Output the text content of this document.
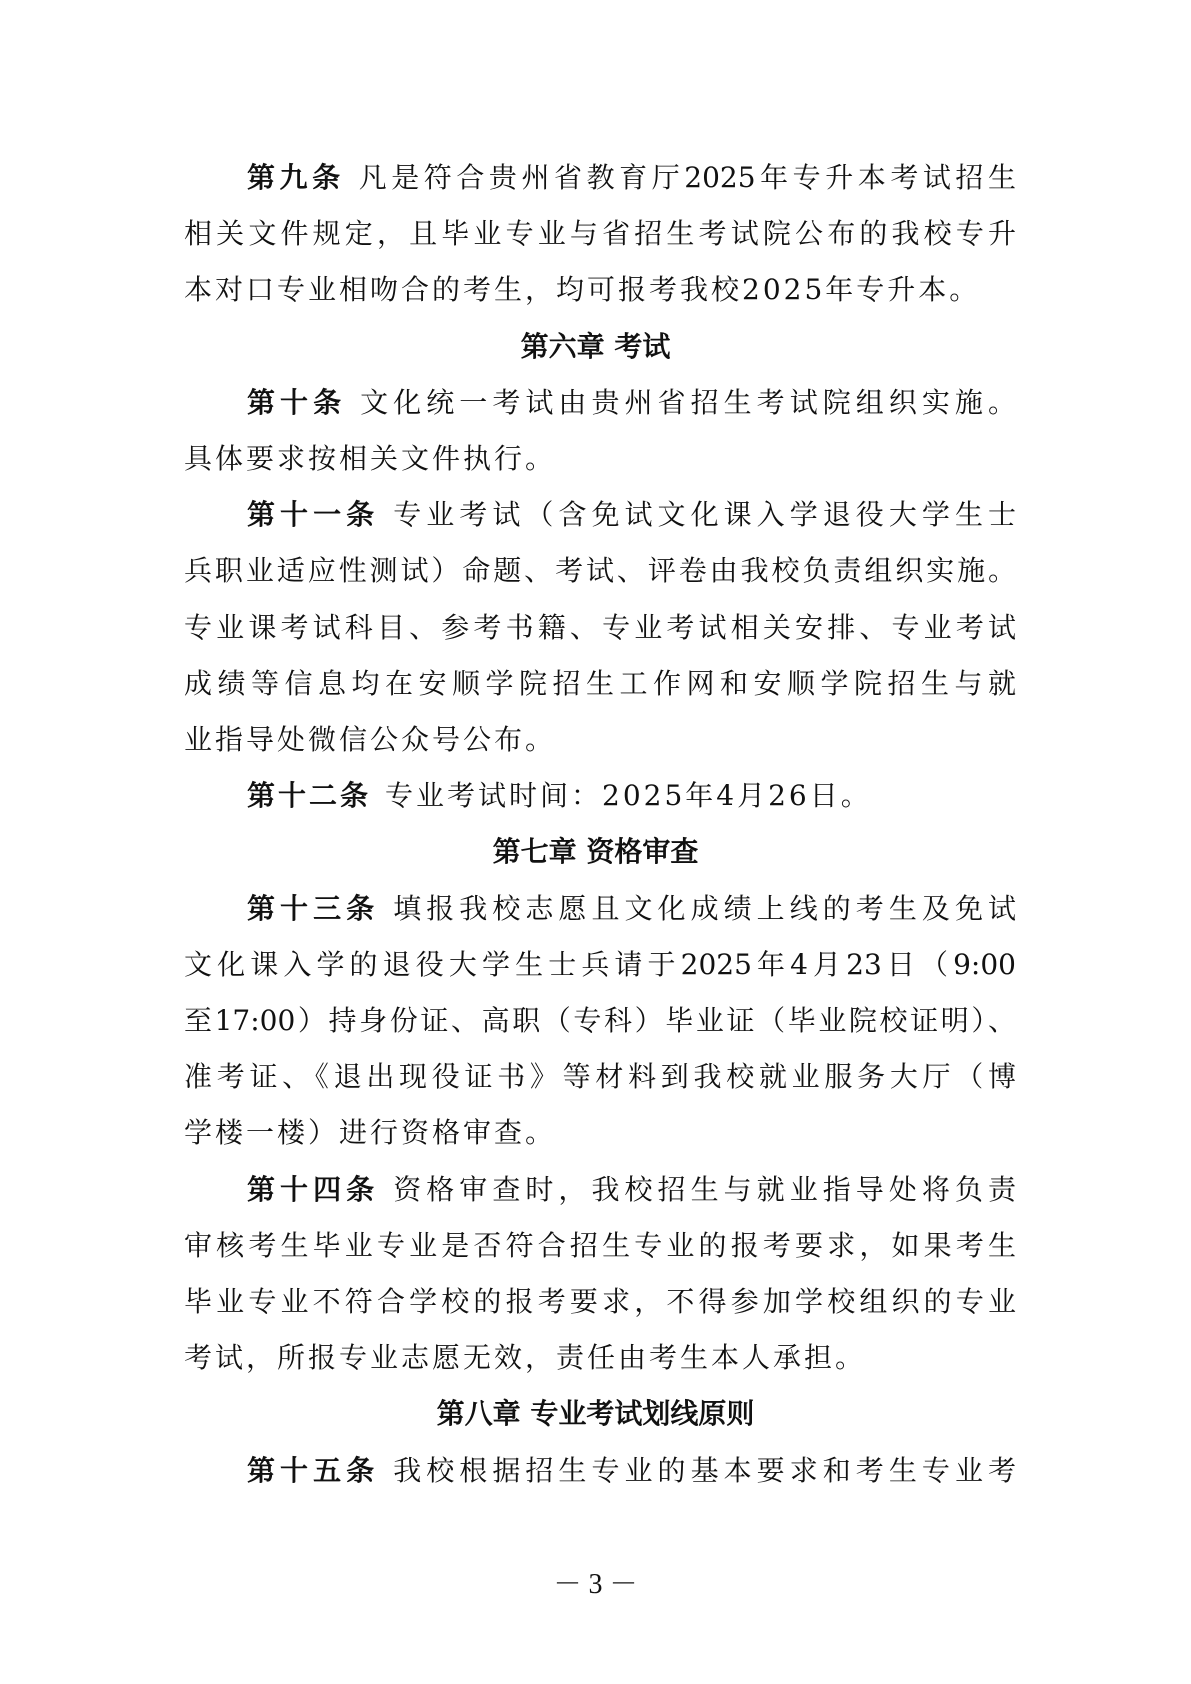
第九条 凡是符合贵州省教育厅2025年专升本考试招生
相关文件规定，且毕业专业与省招生考试院公布的我校专升
本对口专业相吻合的考生，均可报考我校2025年专升本。
第六章 考试
第十条 文化统一考试由贵州省招生考试院组织实施。
具体要求按相关文件执行。
第十一条 专业考试（含免试文化课入学退役大学生士
兵职业适应性测试）命题、考试、评卷由我校负责组织实施。
专业课考试科目、参考书籍、专业考试相关安排、专业考试
成绩等信息均在安顺学院招生工作网和安顺学院招生与就
业指导处微信公众号公布。
第十二条 专业考试时间：2025年4月26日。
第七章 资格审查
第十三条 填报我校志愿且文化成绩上线的考生及免试
文化课入学的退役大学生士兵请于2025年4月23日（9:00
至17:00）持身份证、高职（专科）毕业证（毕业院校证明）、
准考证、《退出现役证书》等材料到我校就业服务大厅（博
学楼一楼）进行资格审查。
第十四条 资格审查时，我校招生与就业指导处将负责
审核考生毕业专业是否符合招生专业的报考要求，如果考生
毕业专业不符合学校的报考要求，不得参加学校组织的专业
考试，所报专业志愿无效，责任由考生本人承担。
第八章 专业考试划线原则
第十五条 我校根据招生专业的基本要求和考生专业考
－ 3 －
